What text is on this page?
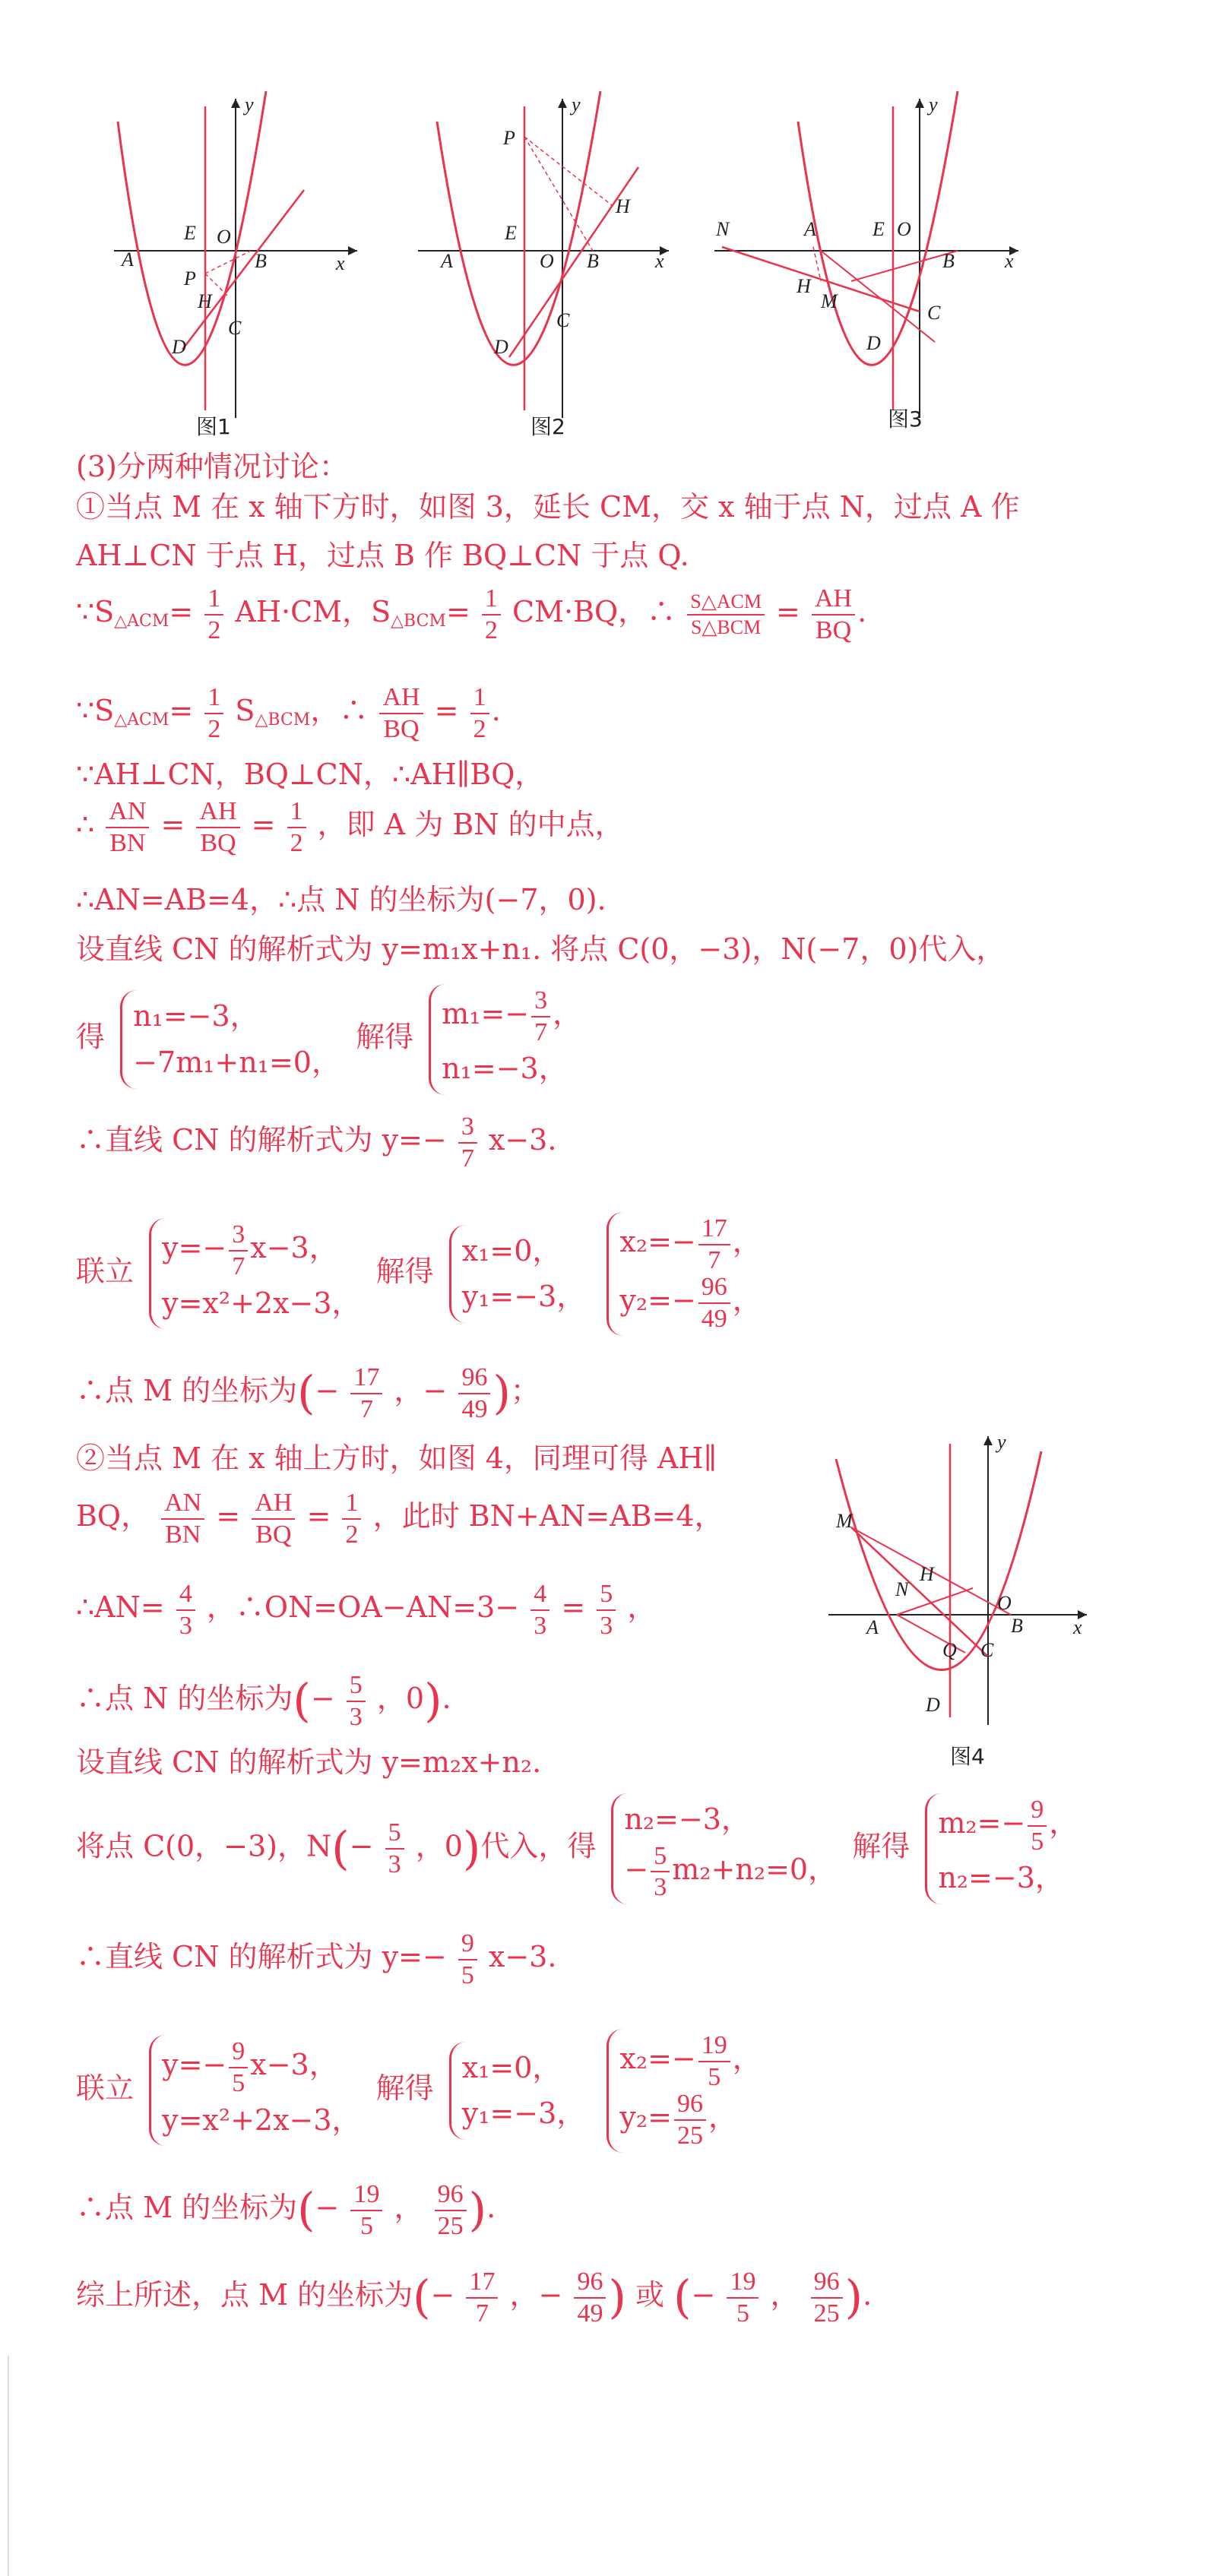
A	B
C
D
E O
P
H
x
y
图1
A	B
C
D
E
O
P
H
x
y
图2
N	A	E O
B
C
D
H
M
x
y
图3
(3)分两种情况讨论：
①当点 M 在 x 轴下方时，如图 3，延长 CM，交 x 轴于点 N，过点 A 作
AH⊥CN 于点 H，过点 B 作 BQ⊥CN 于点 Q.
$\because S_{\triangle ACM}= \frac{1}{2} AH\cdot CM$，$S_{\triangle BCM}= \frac{1}{2} CM\cdot BQ$，∴ $\frac{\text{S△ACM}}{\text{S△BCM}} = \frac{AH}{BQ}$ .
$\because S_{\triangle ACM}= \frac{1}{2} S_{\triangle BCM}$，∴ $\frac{AH}{BQ} = \frac{1}{2}$ .
∵AH⊥CN，BQ⊥CN，∴AH∥BQ，
∴ $\frac{AN}{BN} = \frac{AH}{BQ} = \frac{1}{2}$ ，即 A 为 BN 的中点，
∴AN=AB=4，∴点 N 的坐标为(−7，0).
设直线 CN 的解析式为 y=m₁x+n₁. 将点 C(0，−3)，N(−7，0)代入，
得
n₁=−3，
−7m₁+n₁=0，
解得
$m_1=- \frac{3}{7}$ ，
n₁=−3，
∴直线 CN 的解析式为 $y=- \frac{3}{7} x-3$.
联立
$y=- \frac{3}{7} x-3$，
y=x²+2x−3，
解得
x₁=0，
y₁=−3，

$x_2=- \frac{17}{7}$ ，
$y_2=- \frac{96}{49}$ ，
∴点 M 的坐标为(− $\frac{17}{7}$ ，− $\frac{96}{49}$ )；
M
N
H
A
O
B
Q C
D
x
y
图4
②当点 M 在 x 轴上方时，如图 4，同理可得 AH∥
BQ， $\frac{AN}{BN} = \frac{AH}{BQ} = \frac{1}{2}$ ，此时 BN+AN=AB=4，
∴AN= $\frac{4}{3}$ ，∴ON=OA−AN=3− $\frac{4}{3} = \frac{5}{3}$ ，
∴点 N 的坐标为(− $\frac{5}{3}$ ，0).
设直线 CN 的解析式为 y=m₂x+n₂.
将点 C(0，−3)，$N(- \frac{5}{3}$ ，0)代入，得
n₂=−3，
− $\frac{5}{3} m_2+n_2=0$，
解得
$m_2=- \frac{9}{5}$ ，
n₂=−3，
∴直线 CN 的解析式为 $y=- \frac{9}{5} x-3$.
联立
$y=- \frac{9}{5} x-3$，
y=x²+2x−3，
解得
x₁=0，
y₁=−3，

$x_2=- \frac{19}{5}$ ，
$y_2= \frac{96}{25}$ ，
∴点 M 的坐标为(− $\frac{19}{5}$ ， $\frac{96}{25}$ ).
综上所述，点 M 的坐标为(− $\frac{17}{7}$ ，− $\frac{96}{49}$ ) 或 (− $\frac{19}{5}$ ， $\frac{96}{25}$ ).
